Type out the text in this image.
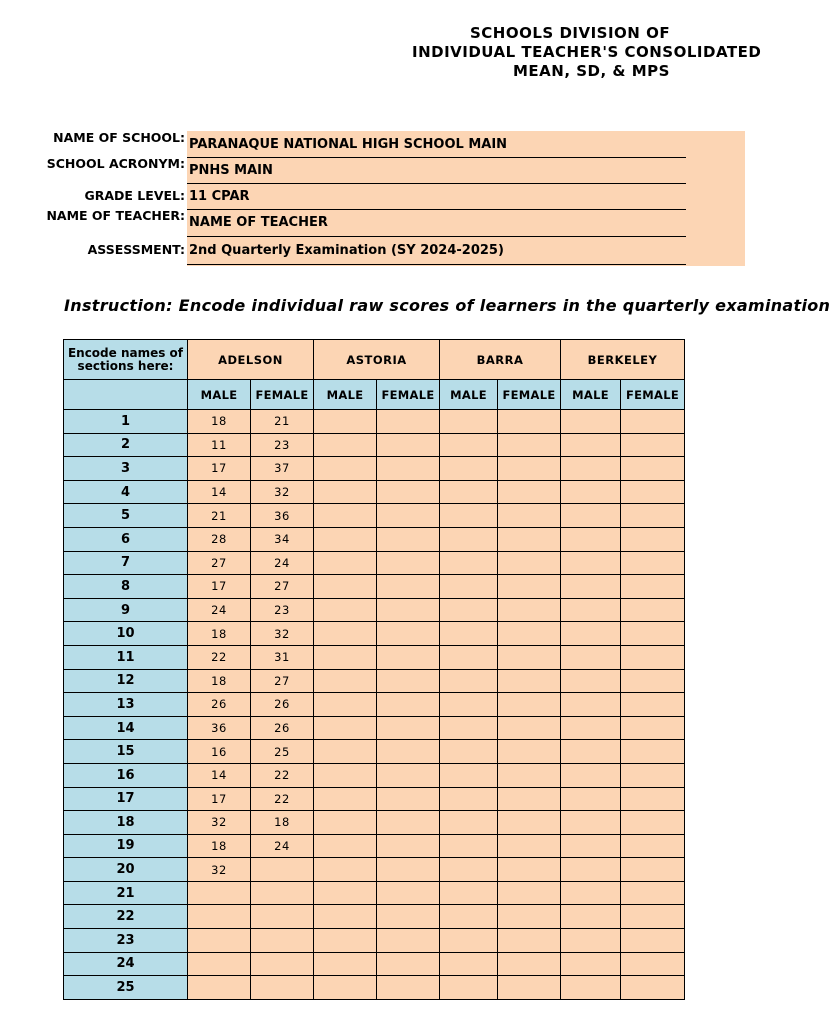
SCHOOLS DIVISION OF
INDIVIDUAL TEACHER'S CONSOLIDATED
MEAN, SD, & MPS
NAME OF SCHOOL: PARANAQUE NATIONAL HIGH SCHOOL MAIN
SCHOOL ACRONYM: PNHS MAIN
GRADE LEVEL: 11 CPAR
NAME OF TEACHER: NAME OF TEACHER
ASSESSMENT: 2nd Quarterly Examination (SY 2024-2025)
Instruction: Encode individual raw scores of learners in the quarterly examination
Encode names of sections here:	ADELSON		ASTORIA		BARRA		BERKELEY	
	MALE	FEMALE	MALE	FEMALE	MALE	FEMALE	MALE	FEMALE
1	18	21						
2	11	23						
3	17	37						
4	14	32						
5	21	36						
6	28	34						
7	27	24						
8	17	27						
9	24	23						
10	18	32						
11	22	31						
12	18	27						
13	26	26						
14	36	26						
15	16	25						
16	14	22						
17	17	22						
18	32	18						
19	18	24						
20	32							
21								
22								
23								
24								
25								
